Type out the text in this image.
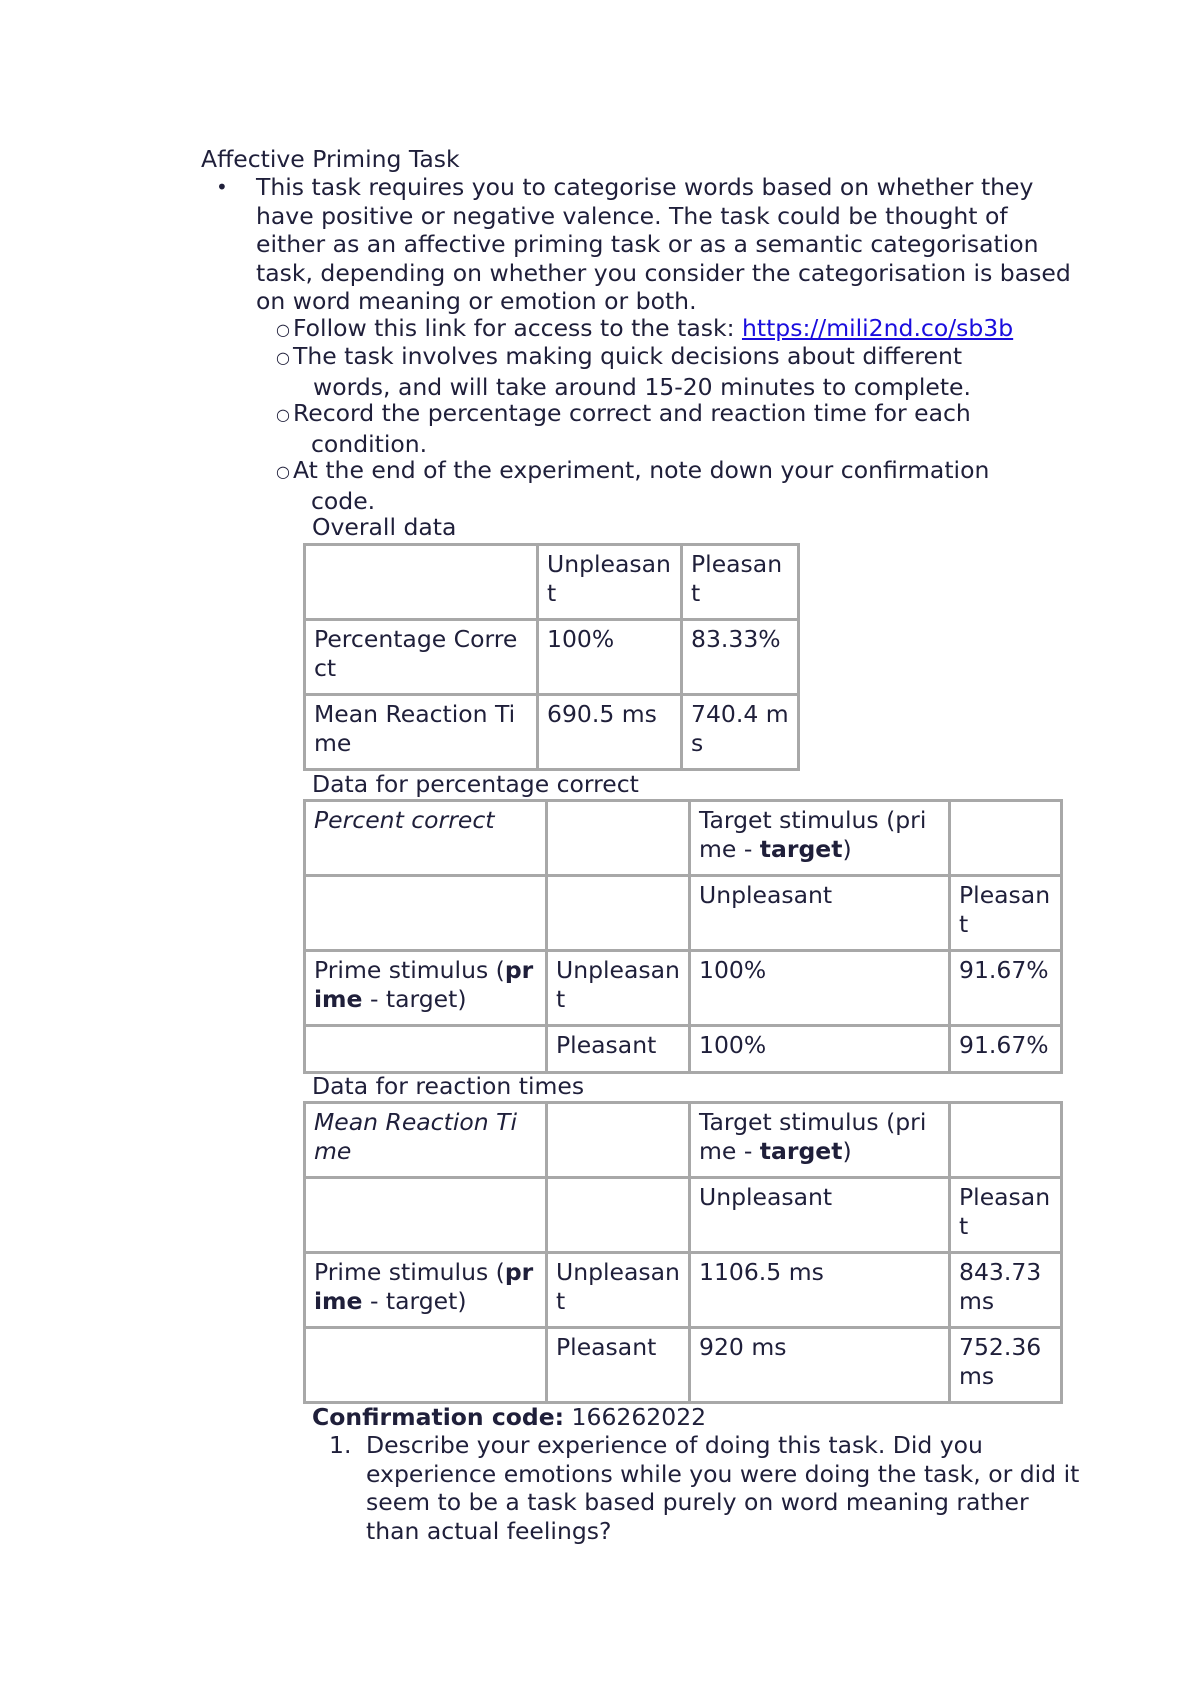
Affective Priming Task
• This task requires you to categorise words based on whether they have positive or negative valence. The task could be thought of either as an affective priming task or as a semantic categorisation task, depending on whether you consider the categorisation is based on word meaning or emotion or both.
○ Follow this link for access to the task: https://mili2nd.co/sb3b
○ The task involves making quick decisions about different
words, and will take around 15-20 minutes to complete.
○ Record the percentage correct and reaction time for each
condition.
○ At the end of the experiment, note down your confirmation
code.
Overall data
	Unpleasant	Pleasant
Percentage Correct	100%	83.33%
Mean Reaction Time	690.5 ms	740.4 ms
Data for percentage correct
Percent correct		Target stimulus (prime - target)	
		Unpleasant	Pleasant
Prime stimulus (prime - target)	Unpleasant	100%	91.67%
	Pleasant	100%	91.67%
Data for reaction times
Mean Reaction Time		Target stimulus (prime - target)	
		Unpleasant	Pleasant
Prime stimulus (prime - target)	Unpleasant	1106.5 ms	843.73 ms
	Pleasant	920 ms	752.36 ms
Confirmation code: 166262022
1. Describe your experience of doing this task. Did you experience emotions while you were doing the task, or did it seem to be a task based purely on word meaning rather than actual feelings?
